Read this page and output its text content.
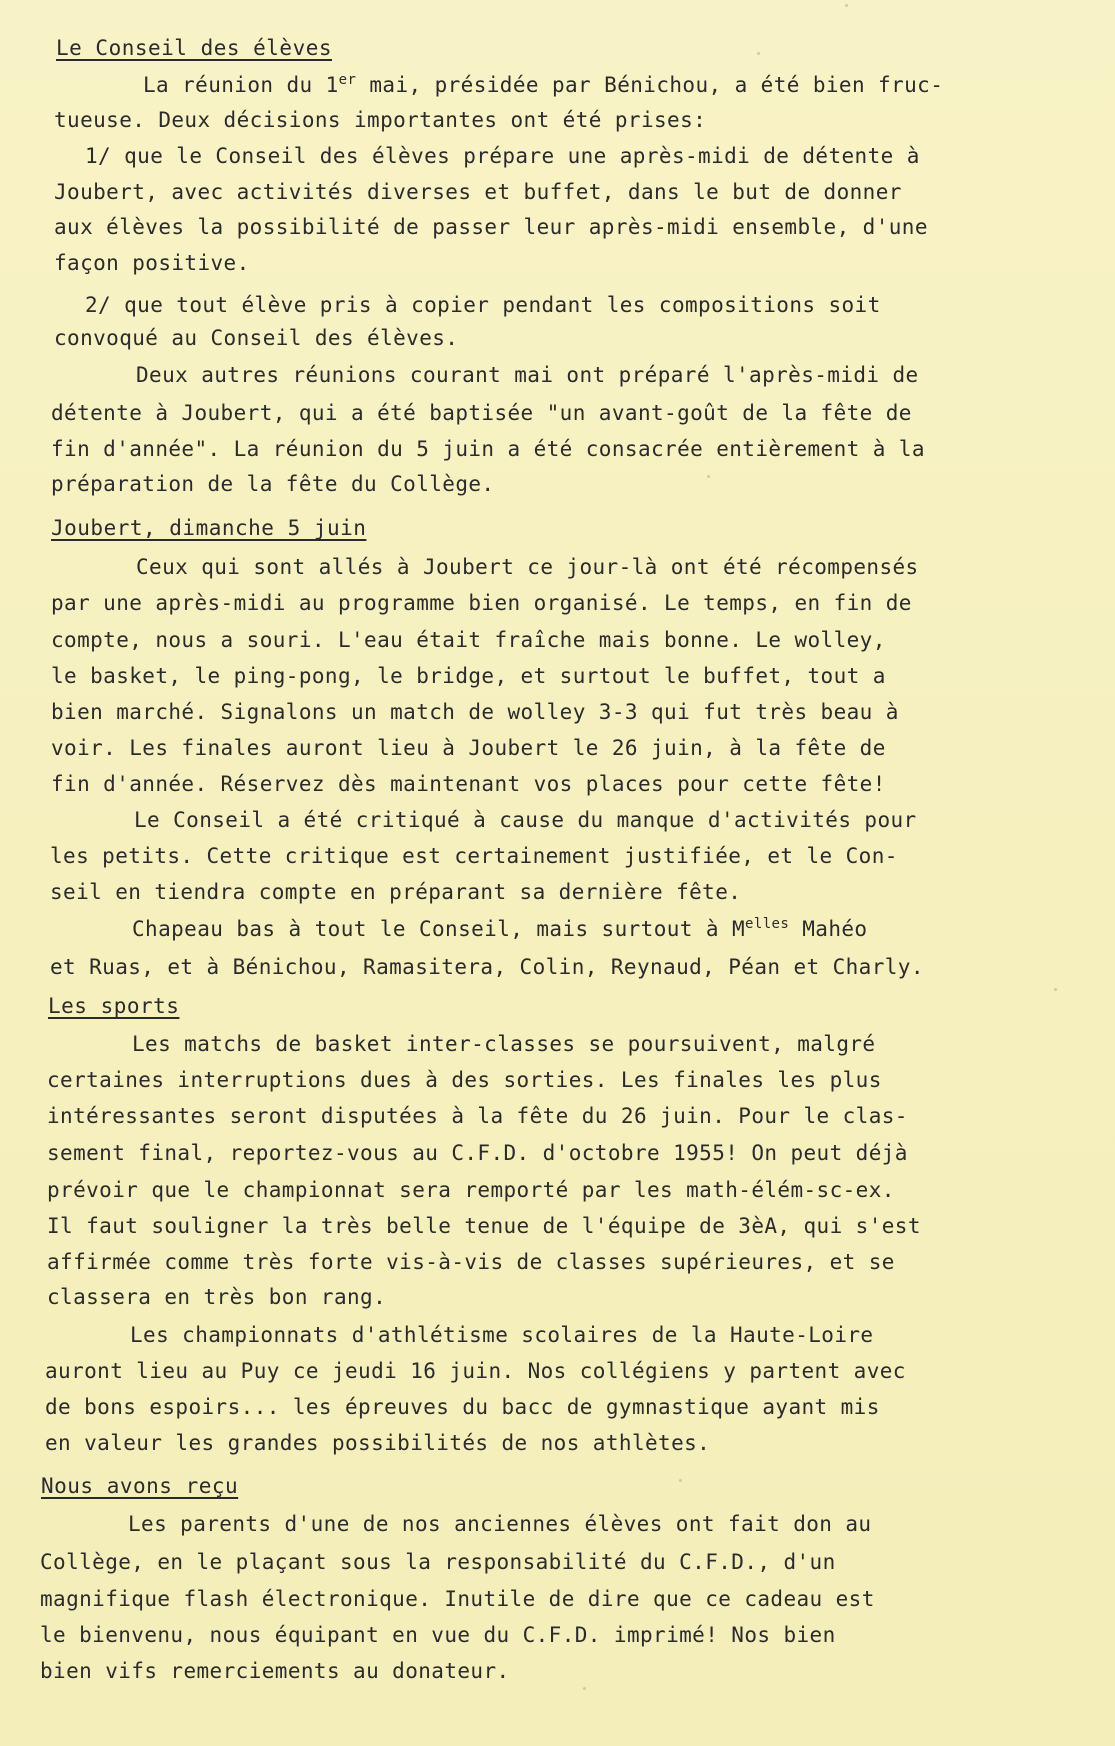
Le Conseil des élèves
La réunion du 1er mai, présidée par Bénichou, a été bien fruc-
tueuse. Deux décisions importantes ont été prises:
1/ que le Conseil des élèves prépare une après-midi de détente à
Joubert, avec activités diverses et buffet, dans le but de donner
aux élèves la possibilité de passer leur après-midi ensemble, d'une
façon positive.
2/ que tout élève pris à copier pendant les compositions soit
convoqué au Conseil des élèves.
Deux autres réunions courant mai ont préparé l'après-midi de
détente à Joubert, qui a été baptisée "un avant-goût de la fête de
fin d'année". La réunion du 5 juin a été consacrée entièrement à la
préparation de la fête du Collège.
Joubert, dimanche 5 juin
Ceux qui sont allés à Joubert ce jour-là ont été récompensés
par une après-midi au programme bien organisé. Le temps, en fin de
compte, nous a souri. L'eau était fraîche mais bonne. Le wolley,
le basket, le ping-pong, le bridge, et surtout le buffet, tout a
bien marché. Signalons un match de wolley 3-3 qui fut très beau à
voir. Les finales auront lieu à Joubert le 26 juin, à la fête de
fin d'année. Réservez dès maintenant vos places pour cette fête!
Le Conseil a été critiqué à cause du manque d'activités pour
les petits. Cette critique est certainement justifiée, et le Con-
seil en tiendra compte en préparant sa dernière fête.
Chapeau bas à tout le Conseil, mais surtout à $M^{elles}$ Mahéo
et Ruas, et à Bénichou, Ramasitera, Colin, Reynaud, Péan et Charly.
Les sports
Les matchs de basket inter-classes se poursuivent, malgré
certaines interruptions dues à des sorties. Les finales les plus
intéressantes seront disputées à la fête du 26 juin. Pour le clas-
sement final, reportez-vous au C.F.D. d'octobre 1955! On peut déjà
prévoir que le championnat sera remporté par les math-élém-sc-ex.
Il faut souligner la très belle tenue de l'équipe de 3èA, qui s'est
affirmée comme très forte vis-à-vis de classes supérieures, et se
classera en très bon rang.
Les championnats d'athlétisme scolaires de la Haute-Loire
auront lieu au Puy ce jeudi 16 juin. Nos collégiens y partent avec
de bons espoirs... les épreuves du bacc de gymnastique ayant mis
en valeur les grandes possibilités de nos athlètes.
Nous avons reçu
Les parents d'une de nos anciennes élèves ont fait don au
Collège, en le plaçant sous la responsabilité du C.F.D., d'un
magnifique flash électronique. Inutile de dire que ce cadeau est
le bienvenu, nous équipant en vue du C.F.D. imprimé! Nos bien
bien vifs remerciements au donateur.
